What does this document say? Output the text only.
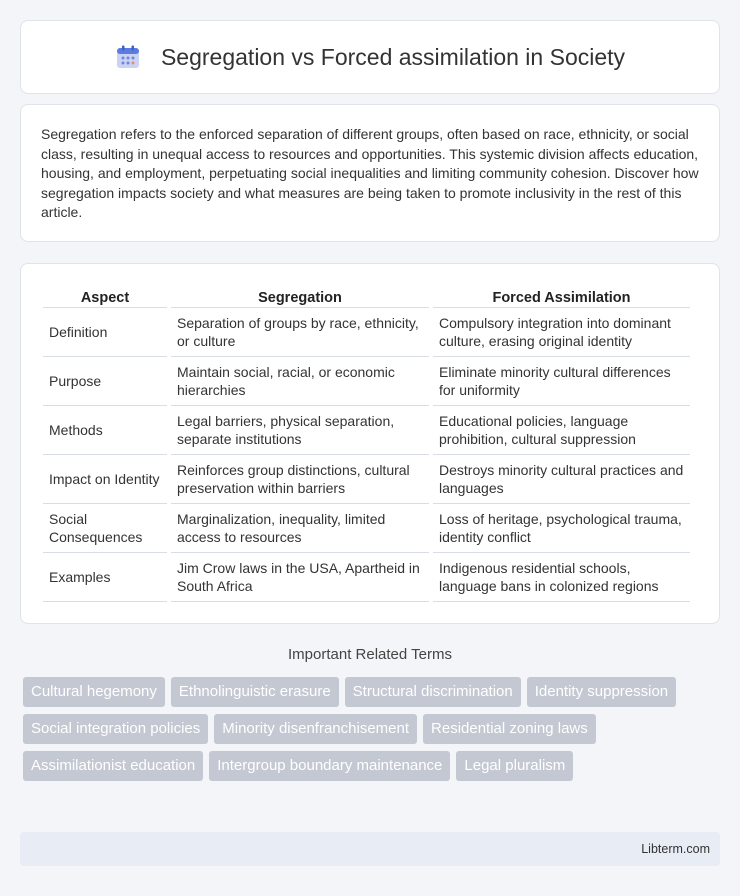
Segregation vs Forced assimilation in Society

Segregation refers to the enforced separation of different groups, often based on race, ethnicity, or social class, resulting in unequal access to resources and opportunities. This systemic division affects education, housing, and employment, perpetuating social inequalities and limiting community cohesion. Discover how segregation impacts society and what measures are being taken to promote inclusivity in the rest of this article.

Aspect	Segregation	Forced Assimilation
Definition	Separation of groups by race, ethnicity, or culture	Compulsory integration into dominant culture, erasing original identity
Purpose	Maintain social, racial, or economic hierarchies	Eliminate minority cultural differences for uniformity
Methods	Legal barriers, physical separation, separate institutions	Educational policies, language prohibition, cultural suppression
Impact on Identity	Reinforces group distinctions, cultural preservation within barriers	Destroys minority cultural practices and languages
Social Consequences	Marginalization, inequality, limited access to resources	Loss of heritage, psychological trauma, identity conflict
Examples	Jim Crow laws in the USA, Apartheid in South Africa	Indigenous residential schools, language bans in colonized regions
Important Related Terms
Cultural hegemony	Ethnolinguistic erasure	Structural discrimination	Identity suppression
Social integration policies	Minority disenfranchisement	Residential zoning laws
Assimilationist education	Intergroup boundary maintenance	Legal pluralism
Libterm.com
